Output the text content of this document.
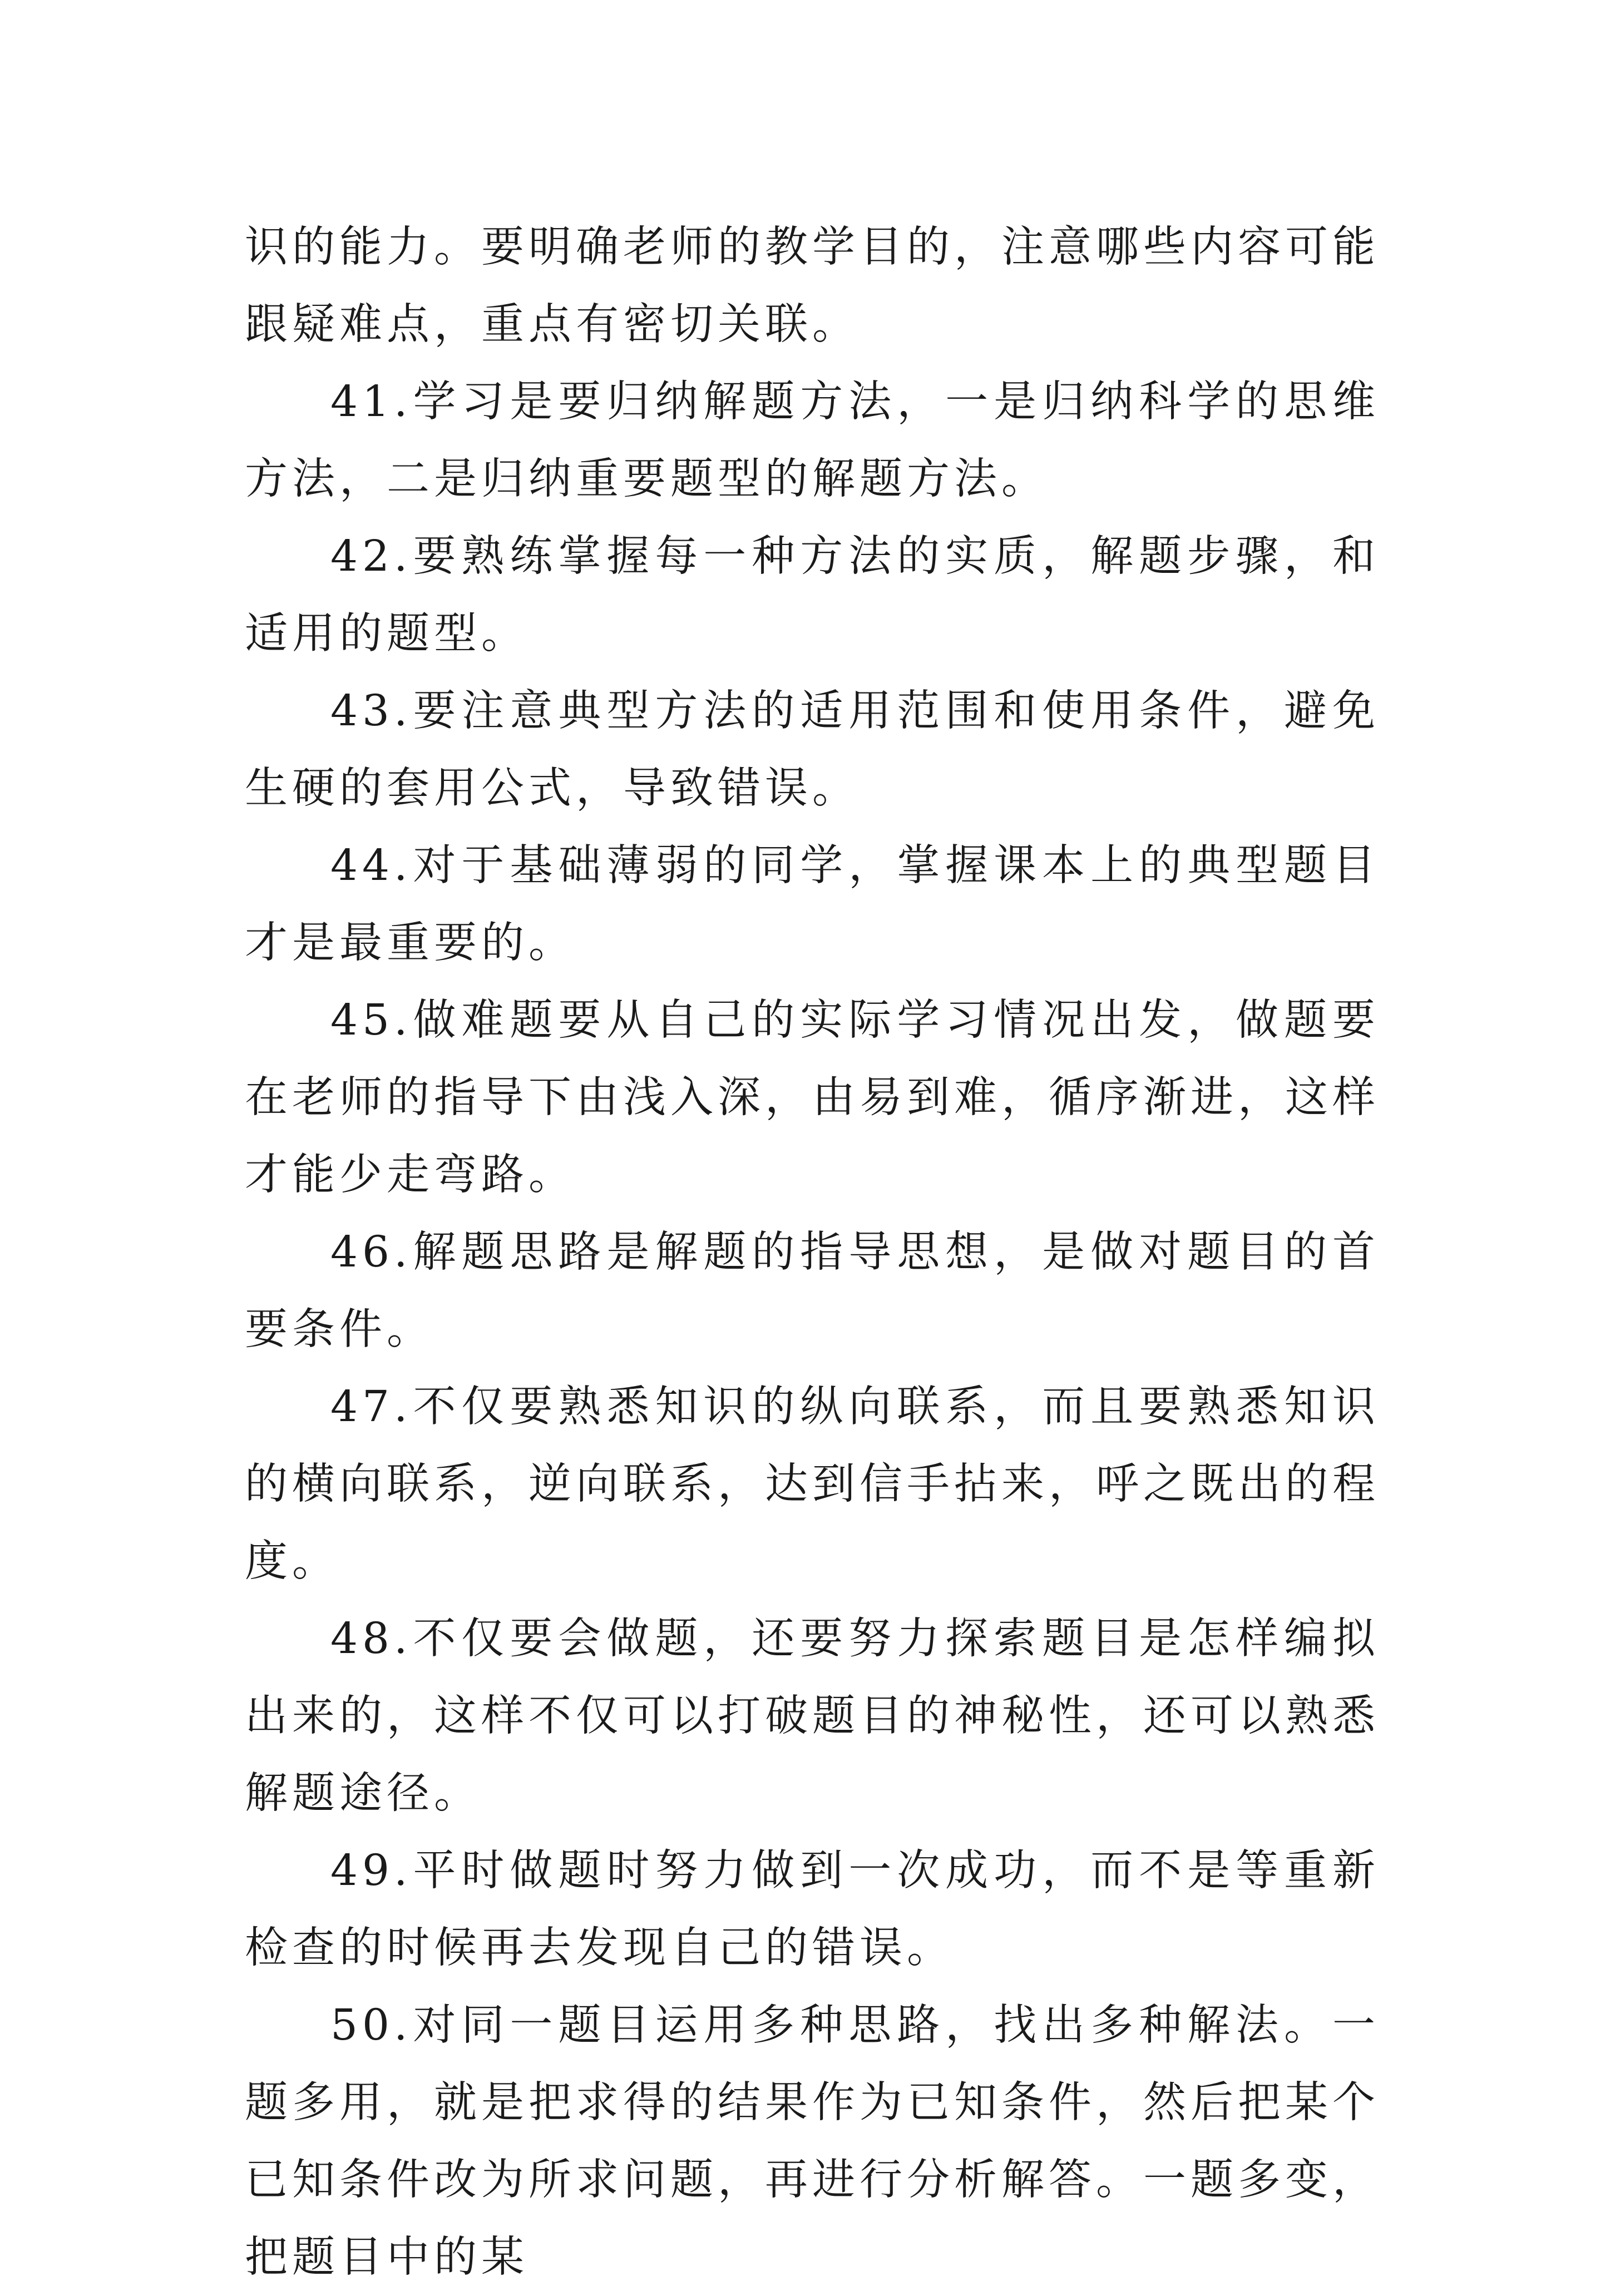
识的能力。要明确老师的教学目的，注意哪些内容可能跟疑难点，重点有密切关联。

41.学习是要归纳解题方法，一是归纳科学的思维方法，二是归纳重要题型的解题方法。

42.要熟练掌握每一种方法的实质，解题步骤，和适用的题型。

43.要注意典型方法的适用范围和使用条件，避免生硬的套用公式，导致错误。

44.对于基础薄弱的同学，掌握课本上的典型题目才是最重要的。

45.做难题要从自己的实际学习情况出发，做题要在老师的指导下由浅入深，由易到难，循序渐进，这样才能少走弯路。

46.解题思路是解题的指导思想，是做对题目的首要条件。

47.不仅要熟悉知识的纵向联系，而且要熟悉知识的横向联系，逆向联系，达到信手拈来，呼之既出的程度。

48.不仅要会做题，还要努力探索题目是怎样编拟出来的，这样不仅可以打破题目的神秘性，还可以熟悉解题途径。

49.平时做题时努力做到一次成功，而不是等重新检查的时候再去发现自己的错误。

50.对同一题目运用多种思路，找出多种解法。一题多用，就是把求得的结果作为已知条件，然后把某个已知条件改为所求问题，再进行分析解答。一题多变，把题目中的某
